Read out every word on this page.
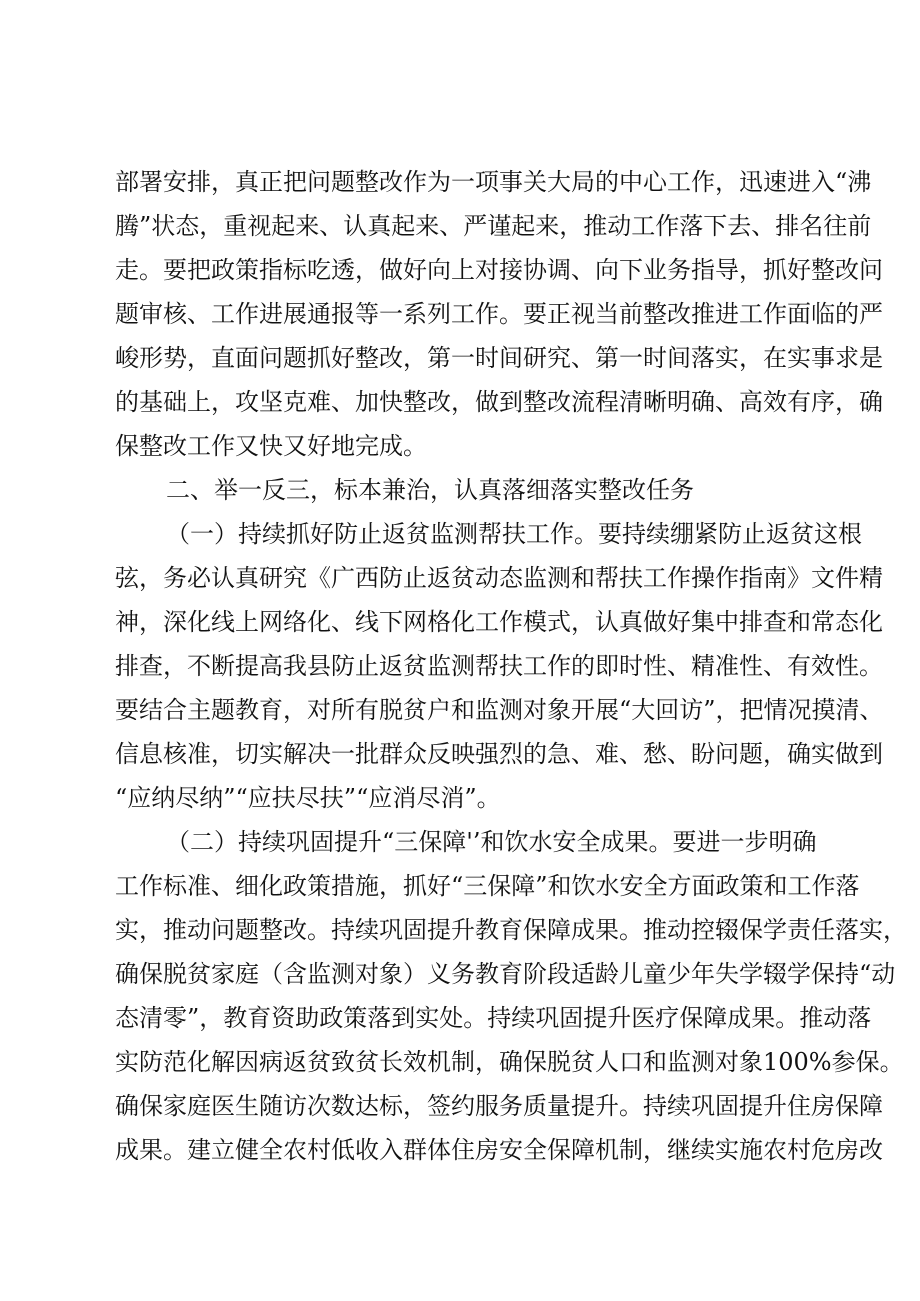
部署安排，真正把问题整改作为一项事关大局的中心工作，迅速进入“沸
腾”状态，重视起来、认真起来、严谨起来，推动工作落下去、排名往前
走。要把政策指标吃透，做好向上对接协调、向下业务指导，抓好整改问
题审核、工作进展通报等一系列工作。要正视当前整改推进工作面临的严
峻形势，直面问题抓好整改，第一时间研究、第一时间落实，在实事求是
的基础上，攻坚克难、加快整改，做到整改流程清晰明确、高效有序，确
保整改工作又快又好地完成。
二、举一反三，标本兼治，认真落细落实整改任务
（一）持续抓好防止返贫监测帮扶工作。要持续绷紧防止返贫这根
弦，务必认真研究《广西防止返贫动态监测和帮扶工作操作指南》文件精
神，深化线上网络化、线下网格化工作模式，认真做好集中排查和常态化
排查，不断提高我县防止返贫监测帮扶工作的即时性、精准性、有效性。
要结合主题教育，对所有脱贫户和监测对象开展“大回访”，把情况摸清、
信息核准，切实解决一批群众反映强烈的急、难、愁、盼问题，确实做到
“应纳尽纳”“应扶尽扶”“应消尽消”。
（二）持续巩固提升“三保障'’和饮水安全成果。要进一步明确
工作标准、细化政策措施，抓好“三保障”和饮水安全方面政策和工作落
实，推动问题整改。持续巩固提升教育保障成果。推动控辍保学责任落实，
确保脱贫家庭（含监测对象）义务教育阶段适龄儿童少年失学辍学保持“动
态清零”，教育资助政策落到实处。持续巩固提升医疗保障成果。推动落
实防范化解因病返贫致贫长效机制，确保脱贫人口和监测对象100%参保。
确保家庭医生随访次数达标，签约服务质量提升。持续巩固提升住房保障
成果。建立健全农村低收入群体住房安全保障机制，继续实施农村危房改
